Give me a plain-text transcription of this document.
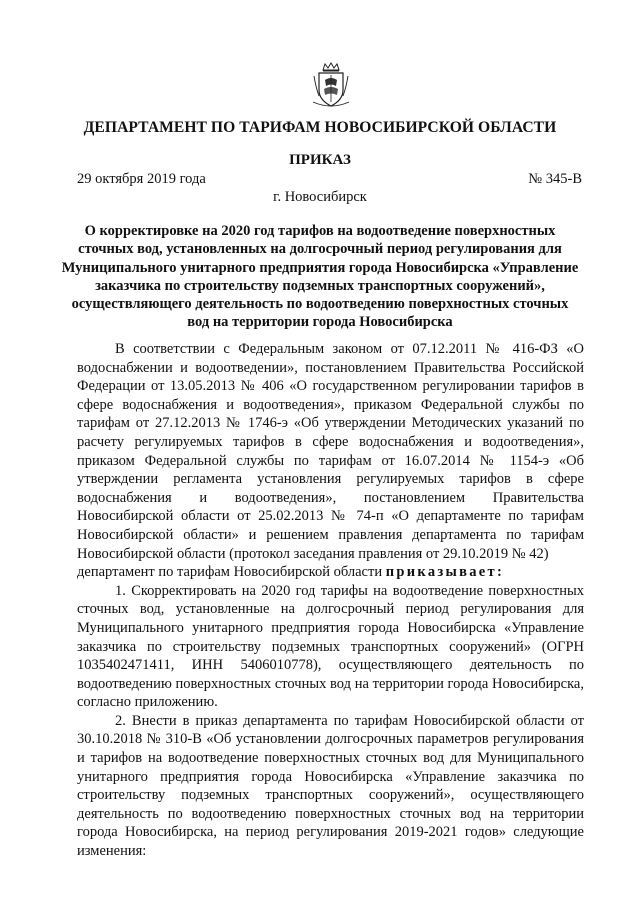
ДЕПАРТАМЕНТ ПО ТАРИФАМ НОВОСИБИРСКОЙ ОБЛАСТИ
ПРИКАЗ
29 октября 2019 года	№ 345-В
г. Новосибирск
О корректировке на 2020 год тарифов на водоотведение поверхностных сточных вод, установленных на долгосрочный период регулирования для Муниципального унитарного предприятия города Новосибирска «Управление заказчика по строительству подземных транспортных сооружений», осуществляющего деятельность по водоотведению поверхностных сточных вод на территории города Новосибирска

В соответствии с Федеральным законом от 07.12.2011 № 416-ФЗ «О водоснабжении и водоотведении», постановлением Правительства Российской Федерации от 13.05.2013 № 406 «О государственном регулировании тарифов в сфере водоснабжения и водоотведения», приказом Федеральной службы по тарифам от 27.12.2013 № 1746-э «Об утверждении Методических указаний по расчету регулируемых тарифов в сфере водоснабжения и водоотведения», приказом Федеральной службы по тарифам от 16.07.2014 № 1154-э «Об утверждении регламента установления регулируемых тарифов в сфере водоснабжения и водоотведения», постановлением Правительства Новосибирской области от 25.02.2013 № 74-п «О департаменте по тарифам Новосибирской области» и решением правления департамента по тарифам Новосибирской области (протокол заседания правления от 29.10.2019 № 42)

департамент по тарифам Новосибирской области приказывает:

1. Скорректировать на 2020 год тарифы на водоотведение поверхностных сточных вод, установленные на долгосрочный период регулирования для Муниципального унитарного предприятия города Новосибирска «Управление заказчика по строительству подземных транспортных сооружений» (ОГРН 1035402471411, ИНН 5406010778), осуществляющего деятельность по водоотведению поверхностных сточных вод на территории города Новосибирска, согласно приложению.

2. Внести в приказ департамента по тарифам Новосибирской области от 30.10.2018 № 310-В «Об установлении долгосрочных параметров регулирования и тарифов на водоотведение поверхностных сточных вод для Муниципального унитарного предприятия города Новосибирска «Управление заказчика по строительству подземных транспортных сооружений», осуществляющего деятельность по водоотведению поверхностных сточных вод на территории города Новосибирска, на период регулирования 2019-2021 годов» следующие изменения:
